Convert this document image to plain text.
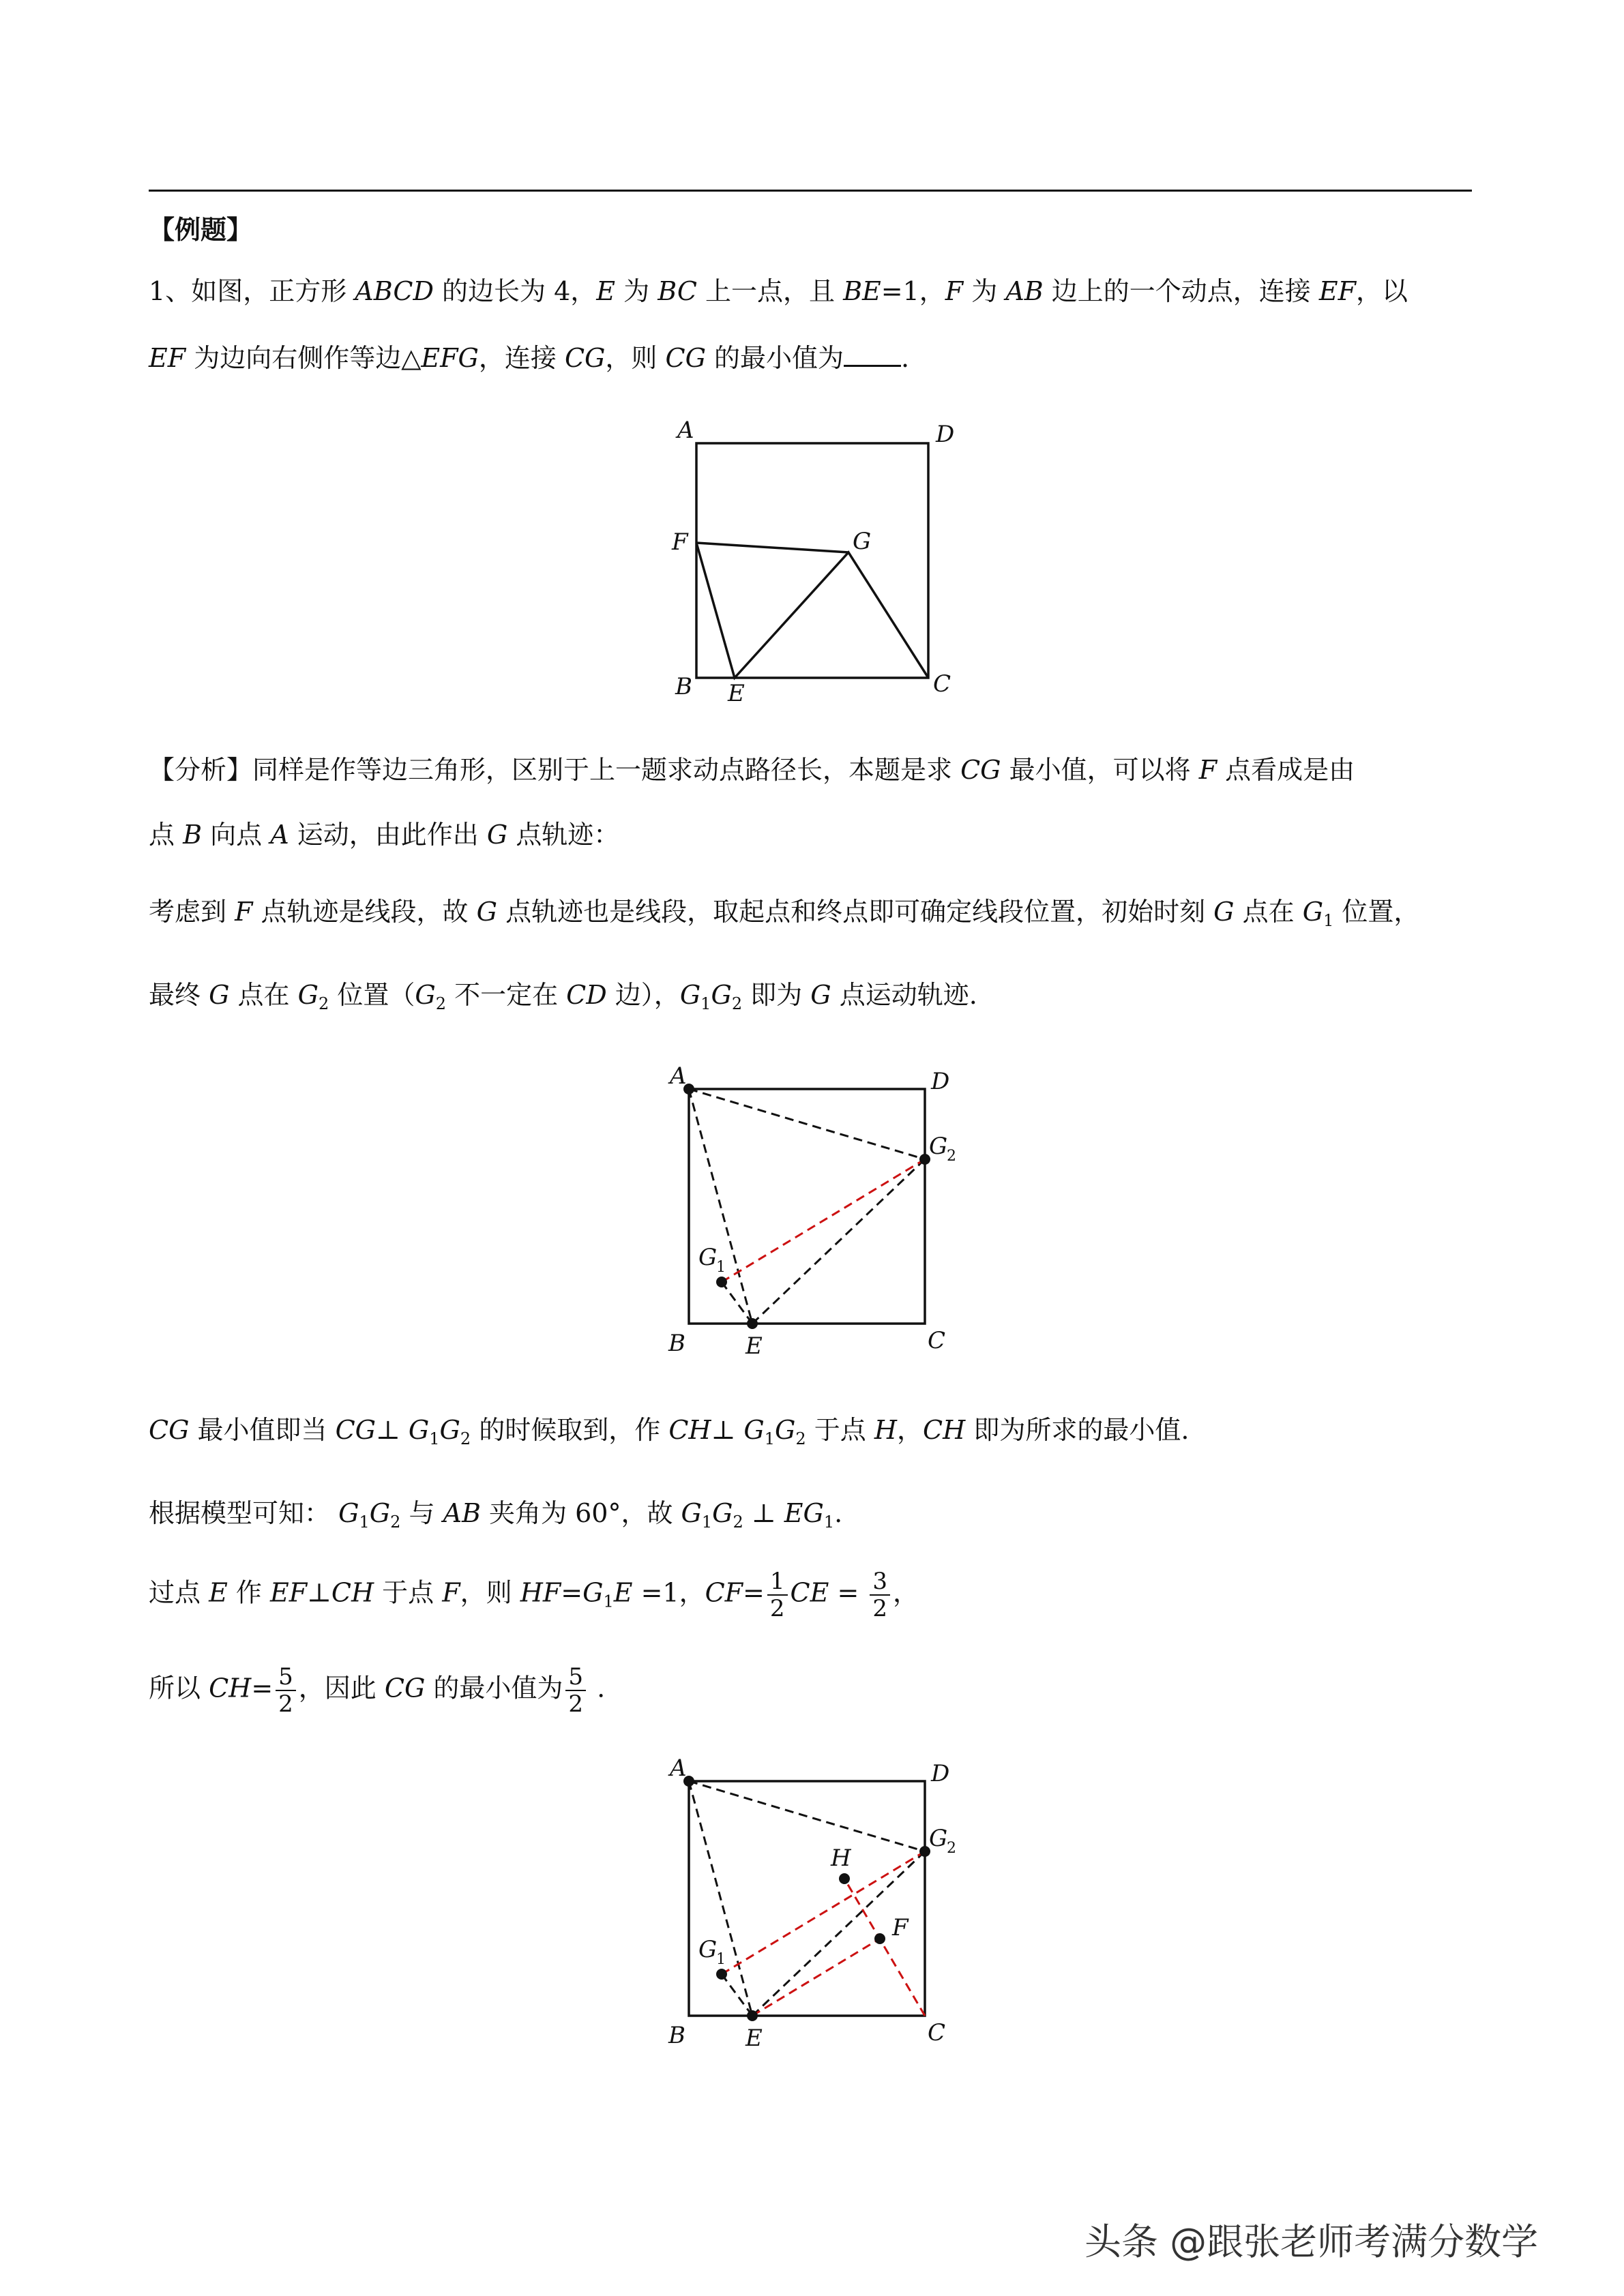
【例题】
1、如图，正方形 ABCD 的边长为 4，E 为 BC 上一点，且 BE=1，F 为 AB 边上的一个动点，连接 EF，以
EF 为边向右侧作等边△EFG，连接 CG，则 CG 的最小值为 .
A	D
F	G
B E	C
【分析】同样是作等边三角形，区别于上一题求动点路径长，本题是求 CG 最小值，可以将 F 点看成是由
点 B 向点 A 运动，由此作出 G 点轨迹：
考虑到 F 点轨迹是线段，故 G 点轨迹也是线段，取起点和终点即可确定线段位置，初始时刻 G 点在 $G_1$ 位置，
最终 G 点在 $G_2$ 位置（$G_2$ 不一定在 CD 边），$G_1G_2$ 即为 G 点运动轨迹.
A	D
G
2
G
1
B	E	C
CG 最小值即当 CG⊥ $G_1G_2$ 的时候取到，作 CH⊥ $G_1G_2$ 于点 H，CH 即为所求的最小值.
根据模型可知： $G_1G_2$ 与 AB 夹角为 60°，故 $G_1G_2$ ⊥ $EG_1$.
过点 E 作 EF⊥CH 于点 F，则 $HF=G_1E =1$，$CF= \frac{1}{2}$ CE = $\frac{3}{2}$ ，
所以 $CH= \frac{5}{2}$ ，因此 CG 的最小值为 $\frac{5}{2}$ .
A	D
G
2
H
G
1
F
B	E	C
头条 @跟张老师考满分数学
